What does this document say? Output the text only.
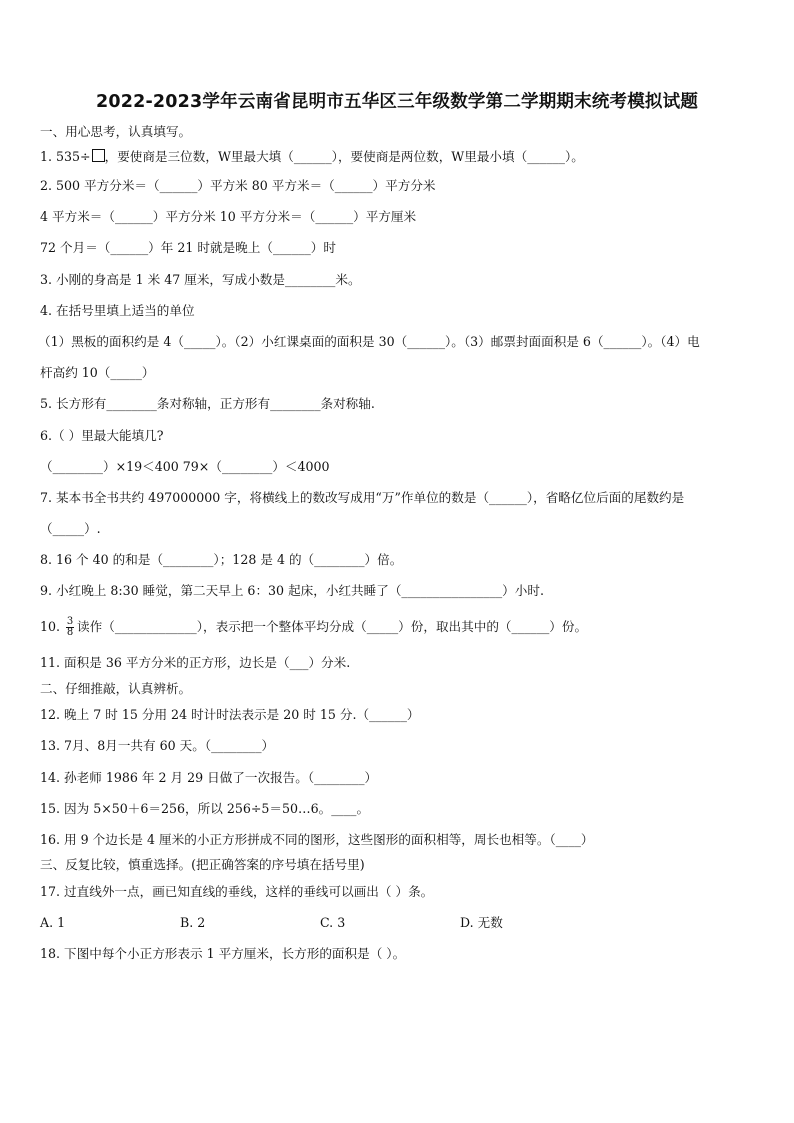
2022-2023学年云南省昆明市五华区三年级数学第二学期期末统考模拟试题
一、用心思考，认真填写。
1. 535÷ ，要使商是三位数，W里最大填（______），要使商是两位数，W里最小填（______）。
2. 500 平方分米＝（______）平方米 80 平方米＝（______）平方分米
4 平方米＝（______）平方分米 10 平方分米＝（______）平方厘米
72 个月＝（______）年 21 时就是晚上（______）时
3. 小刚的身高是 1 米 47 厘米，写成小数是________米。
4. 在括号里填上适当的单位
（1）黑板的面积约是 4（_____）。（2）小红课桌面的面积是 30（______）。（3）邮票封面面积是 6（______）。（4）电
杆高约 10（_____）
5. 长方形有________条对称轴，正方形有________条对称轴.
6.（ ）里最大能填几?
（________）×19＜400 79×（________）＜4000
7. 某本书全书共约 497000000 字，将横线上的数改写成用“万”作单位的数是（______），省略亿位后面的尾数约是
（_____）.
8. 16 个 40 的和是（________）；128 是 4 的（________）倍。
9. 小红晚上 8:30 睡觉，第二天早上 6：30 起床，小红共睡了（________________）小时.
10. $\frac{3}{8}$ 读作（_____________），表示把一个整体平均分成（_____）份，取出其中的（______）份。
11. 面积是 36 平方分米的正方形，边长是（___）分米.
二、仔细推敲，认真辨析。
12. 晚上 7 时 15 分用 24 时计时法表示是 20 时 15 分.（______）
13. 7月、8月一共有 60 天。（________）
14. 孙老师 1986 年 2 月 29 日做了一次报告。（________）
15. 因为 5×50＋6＝256，所以 256÷5＝50…6。____。
16. 用 9 个边长是 4 厘米的小正方形拼成不同的图形，这些图形的面积相等，周长也相等。（____）
三、反复比较，慎重选择。(把正确答案的序号填在括号里)
17. 过直线外一点，画已知直线的垂线，这样的垂线可以画出（ ）条。
A. 1	B. 2	C. 3	D. 无数
18. 下图中每个小正方形表示 1 平方厘米，长方形的面积是（ ）。
